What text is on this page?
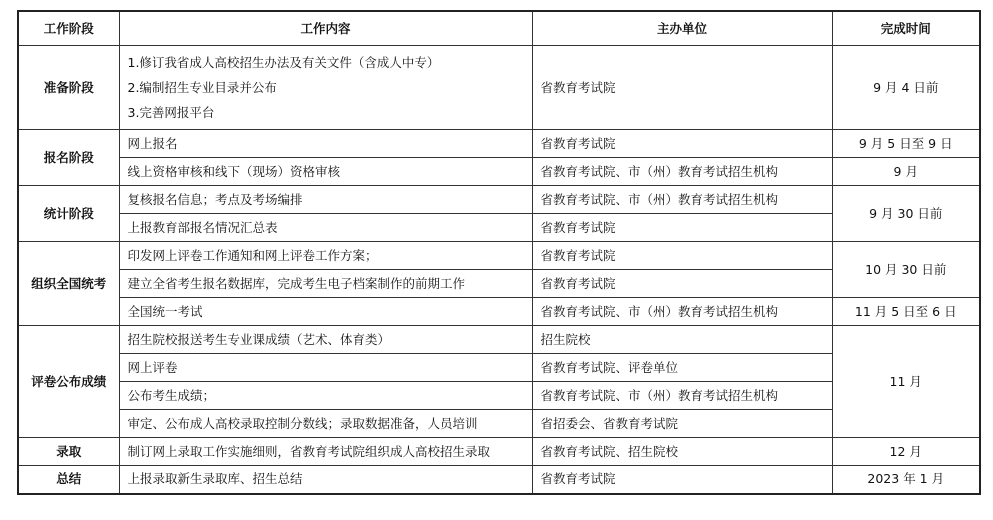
工作阶段	工作内容	主办单位	完成时间
准备阶段	1.修订我省成人高校招生办法及有关文件（含成人中专）
2.编制招生专业目录并公布
3.完善网报平台	省教育考试院	9 月 4 日前
报名阶段	网上报名	省教育考试院	9 月 5 日至 9 日
	线上资格审核和线下（现场）资格审核	省教育考试院、市（州）教育考试招生机构	9 月
统计阶段	复核报名信息；考点及考场编排	省教育考试院、市（州）教育考试招生机构	9 月 30 日前
	上报教育部报名情况汇总表	省教育考试院	
组织全国统考	印发网上评卷工作通知和网上评卷工作方案；	省教育考试院	10 月 30 日前
	建立全省考生报名数据库，完成考生电子档案制作的前期工作	省教育考试院	
	全国统一考试	省教育考试院、市（州）教育考试招生机构	11 月 5 日至 6 日
评卷公布成绩	招生院校报送考生专业课成绩（艺术、体育类）	招生院校	11 月
	网上评卷	省教育考试院、评卷单位	
	公布考生成绩；	省教育考试院、市（州）教育考试招生机构	
	审定、公布成人高校录取控制分数线；录取数据准备，人员培训	省招委会、省教育考试院	
录取	制订网上录取工作实施细则，省教育考试院组织成人高校招生录取	省教育考试院、招生院校	12 月
总结	上报录取新生录取库、招生总结	省教育考试院	2023 年 1 月
